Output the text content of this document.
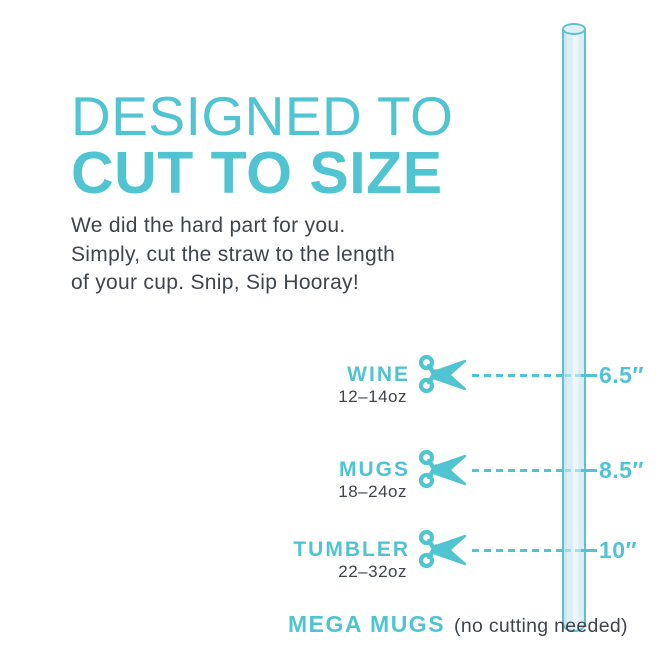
DESIGNED TO
CUT TO SIZE
We did the hard part for you.
Simply, cut the straw to the length
of your cup. Snip, Sip Hooray!
WINE
12–14oz
6.5″
MUGS
18–24oz
8.5″
TUMBLER
22–32oz
10″
MEGA MUGS (no cutting needed)
